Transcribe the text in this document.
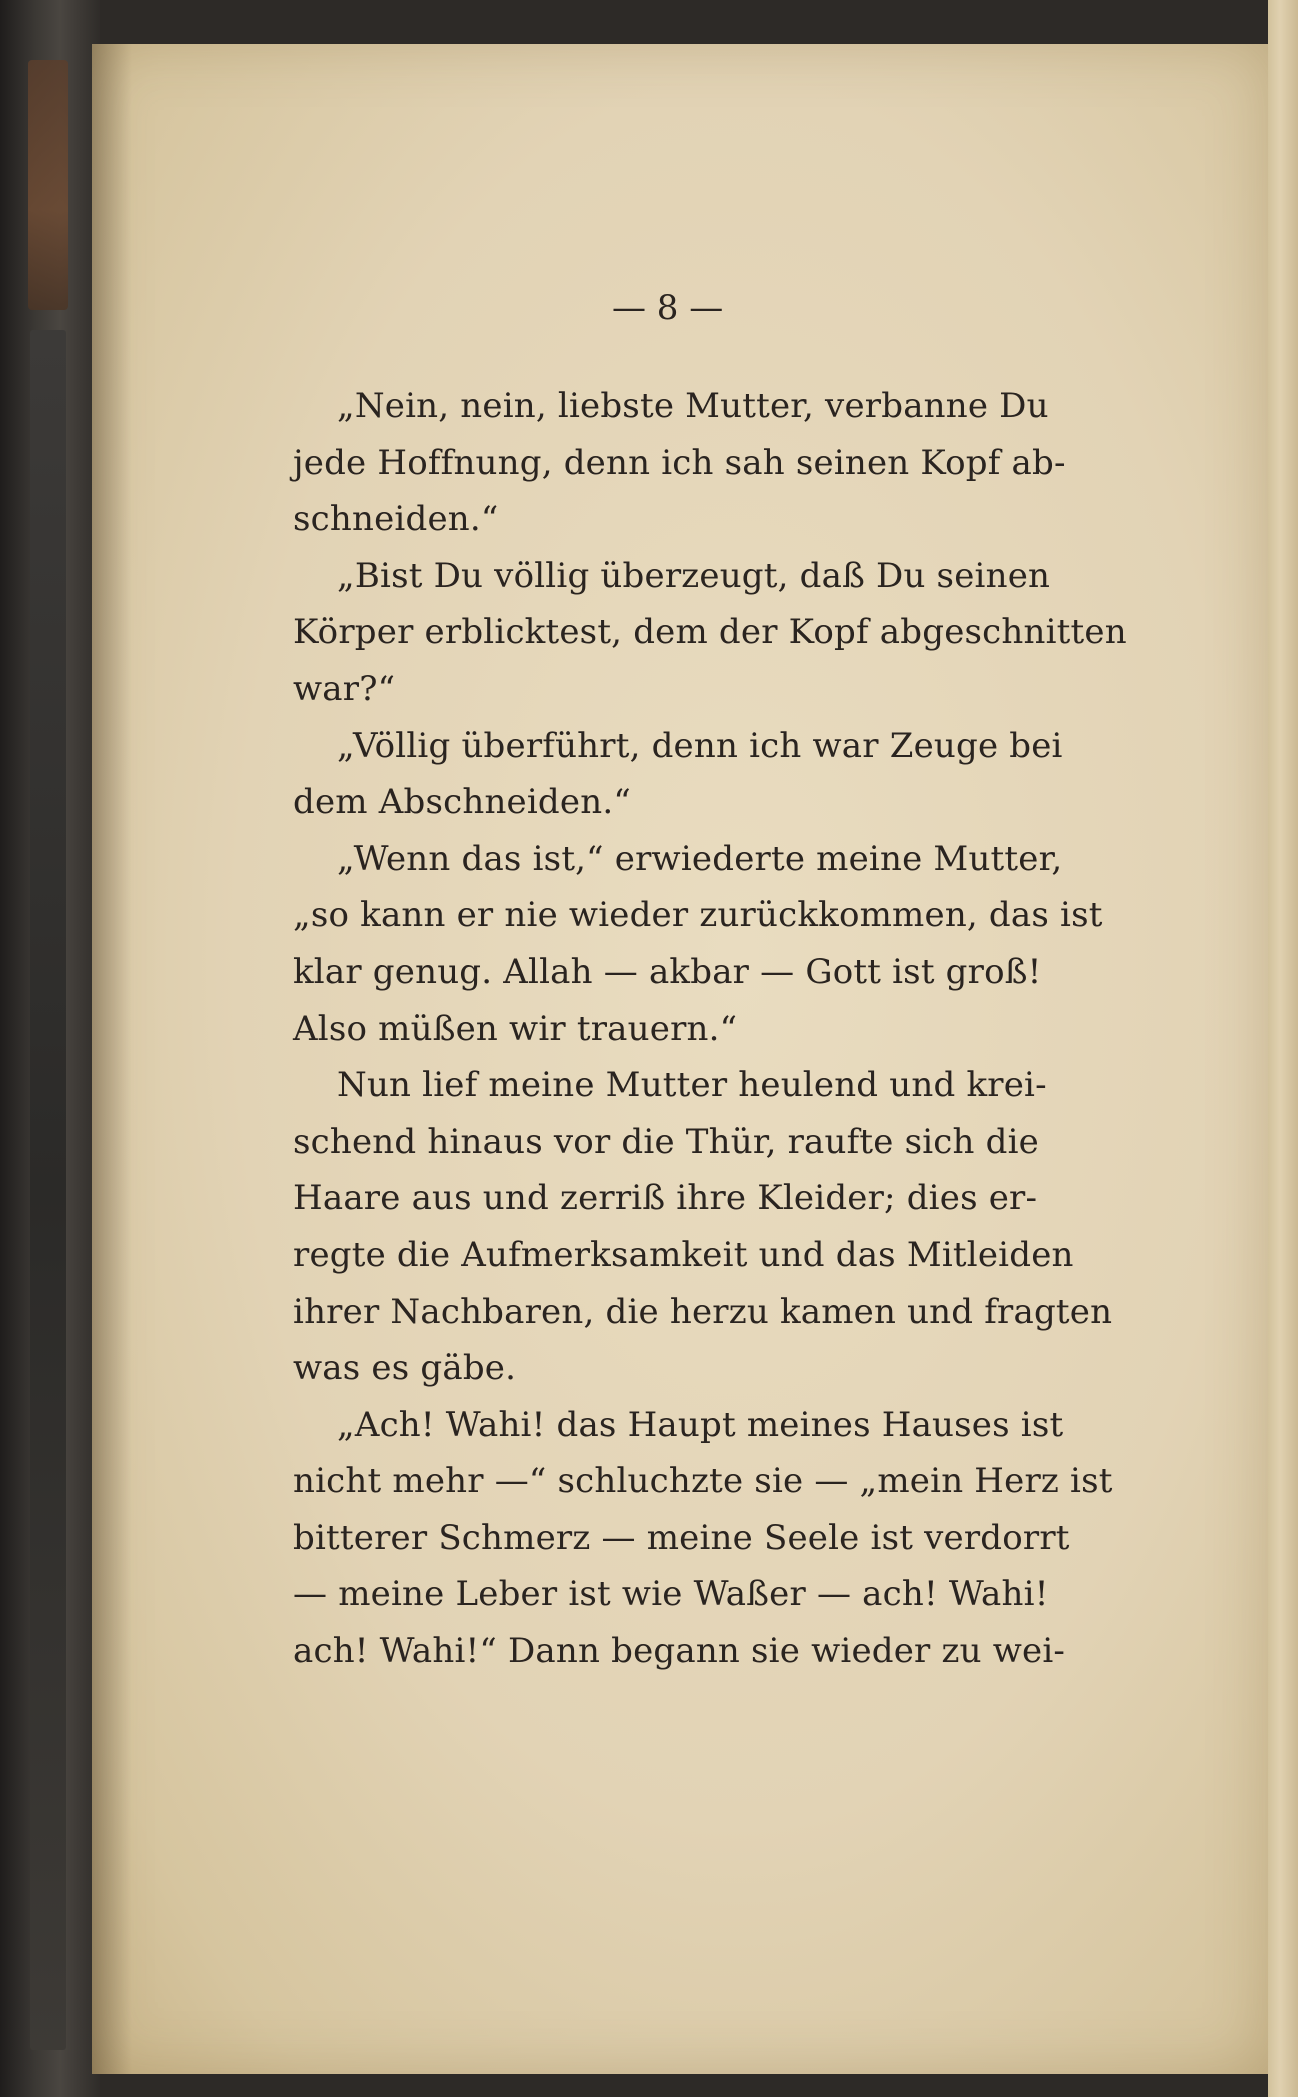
— 8 —

„Nein, nein, liebste Mutter, verbanne Du
jede Hoffnung, denn ich sah seinen Kopf ab-
schneiden.“

„Bist Du völlig überzeugt, daß Du seinen
Körper erblicktest, dem der Kopf abgeschnitten
war?“

„Völlig überführt, denn ich war Zeuge bei
dem Abschneiden.“

„Wenn das ist,“ erwiederte meine Mutter,
„so kann er nie wieder zurückkommen, das ist
klar genug. Allah — akbar — Gott ist groß!
Also müßen wir trauern.“

Nun lief meine Mutter heulend und krei-
schend hinaus vor die Thür, raufte sich die
Haare aus und zerriß ihre Kleider; dies er-
regte die Aufmerksamkeit und das Mitleiden
ihrer Nachbaren, die herzu kamen und fragten
was es gäbe.

„Ach! Wahi! das Haupt meines Hauses ist
nicht mehr —“ schluchzte sie — „mein Herz ist
bitterer Schmerz — meine Seele ist verdorrt
— meine Leber ist wie Waßer — ach! Wahi!
ach! Wahi!“ Dann begann sie wieder zu wei-
